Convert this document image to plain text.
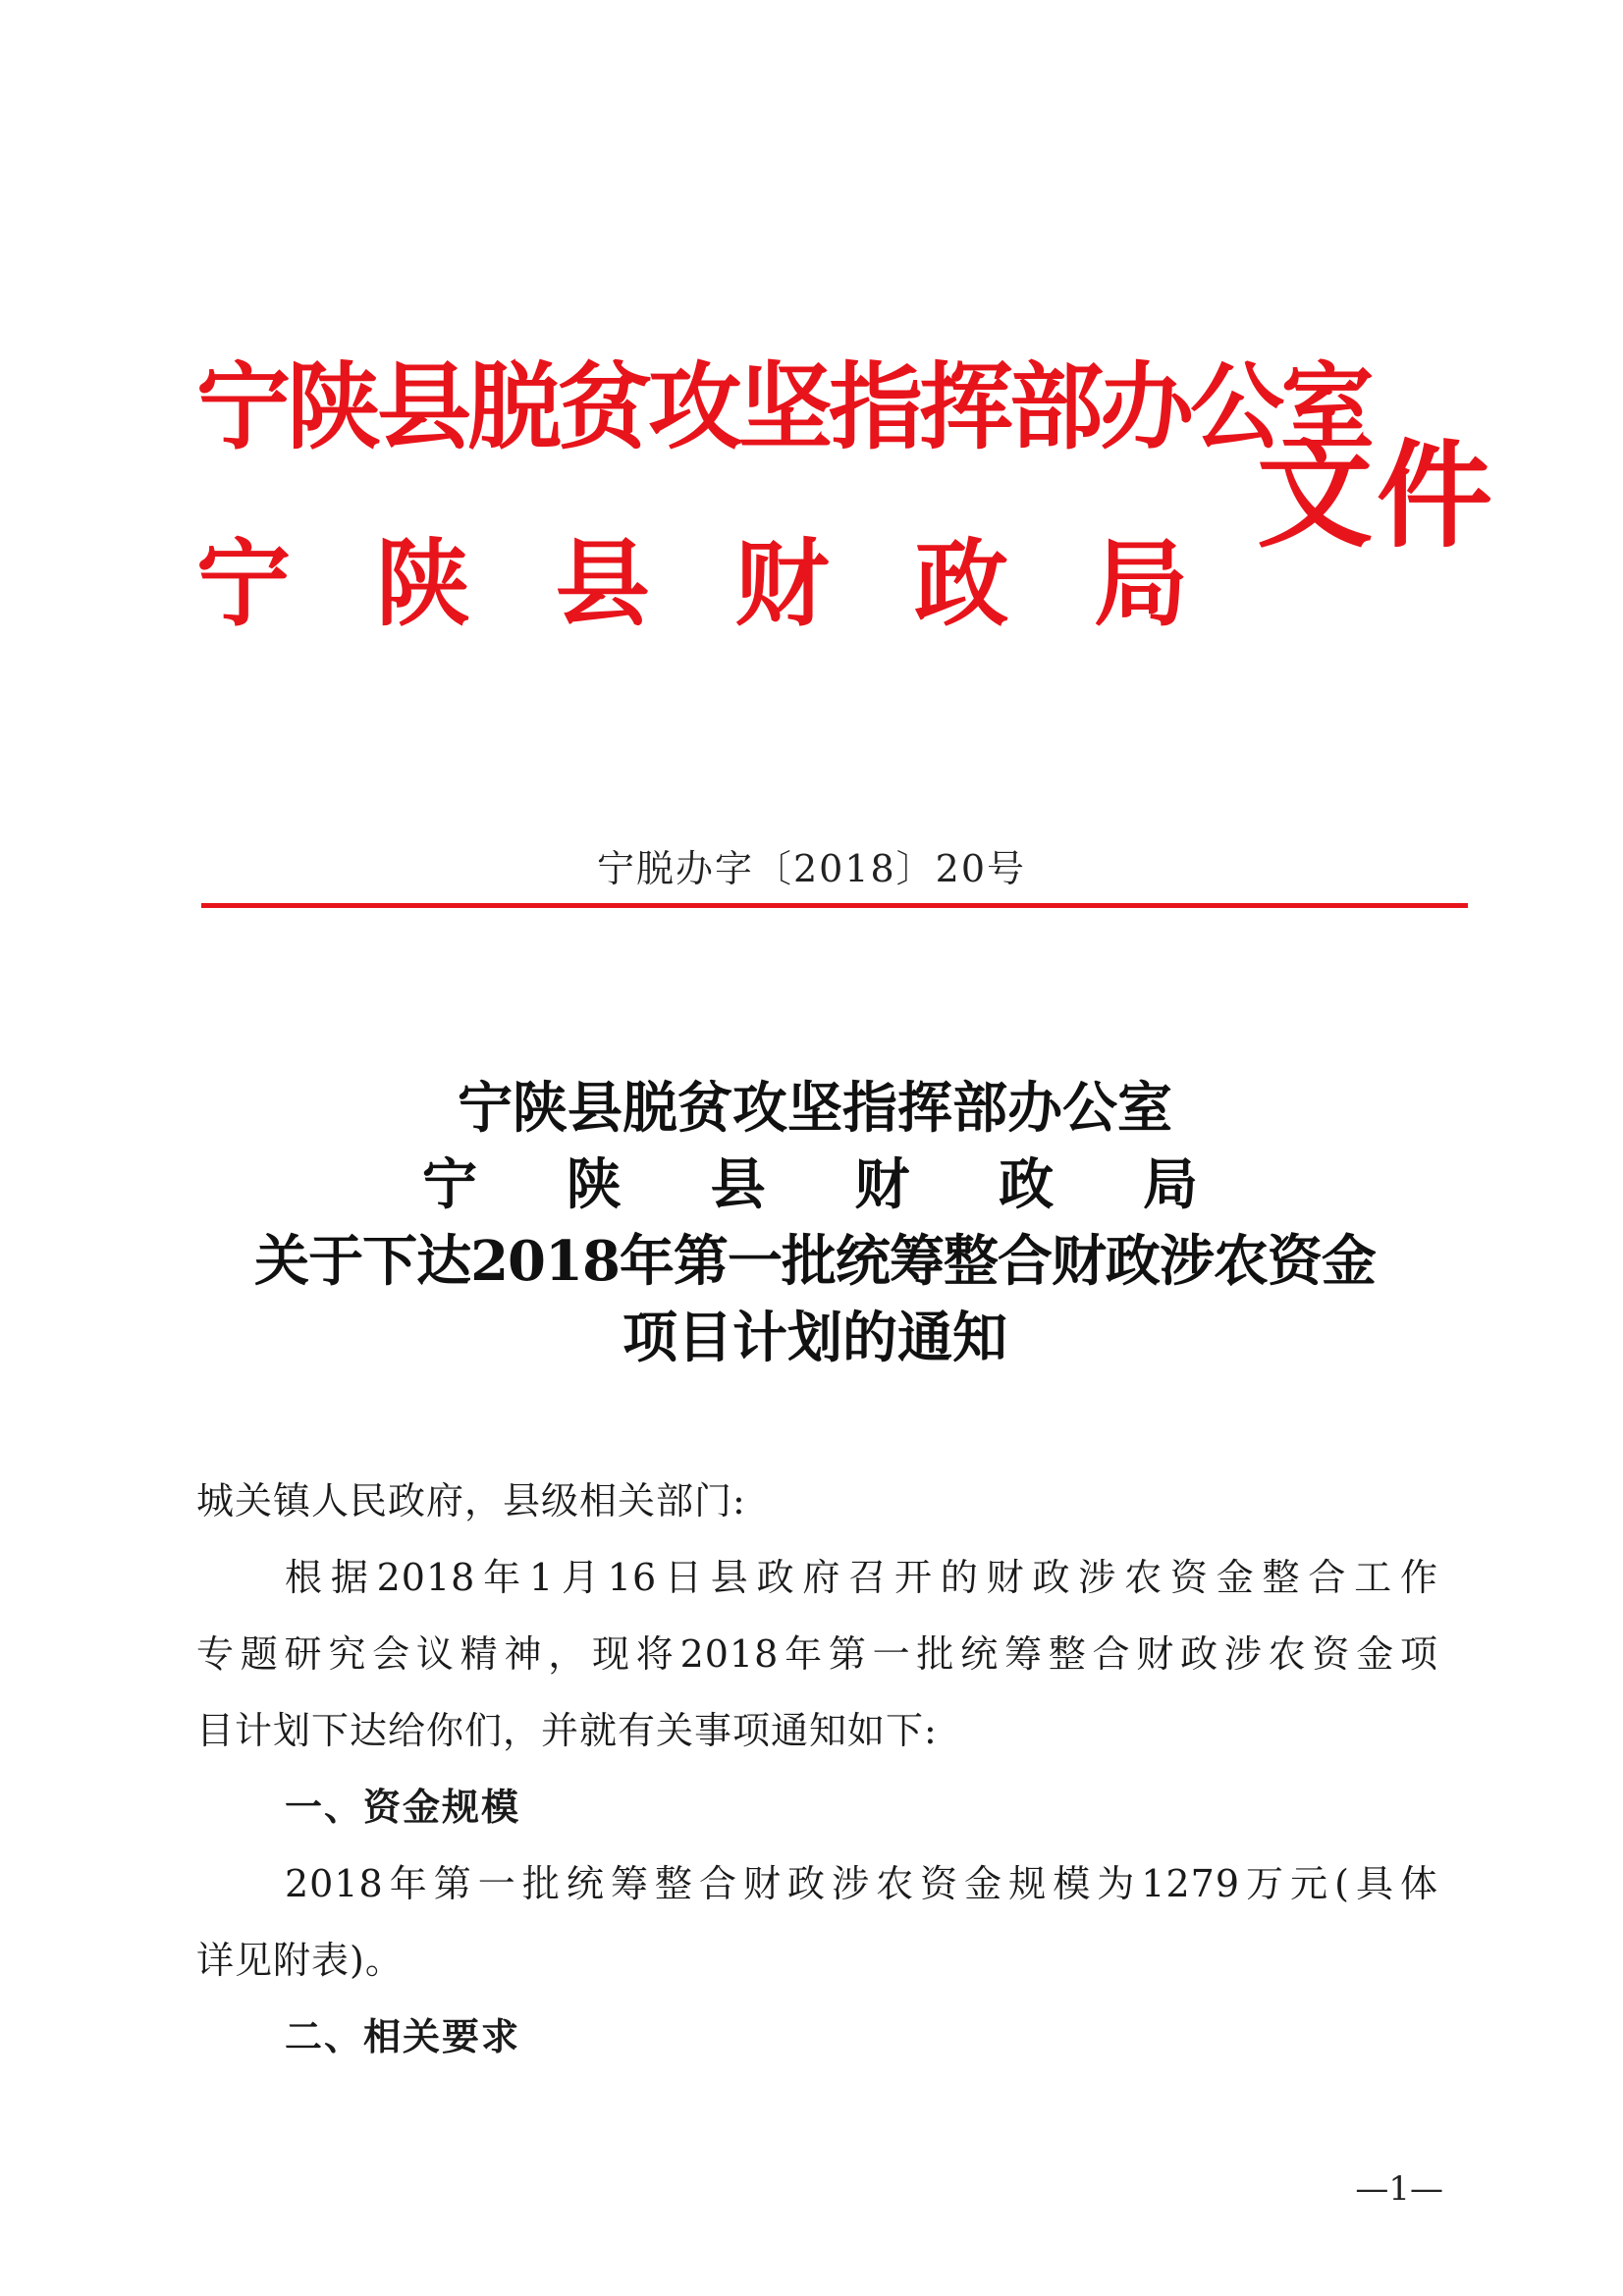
宁陕县脱贫攻坚指挥部办公室
宁 陕 县 财 政 局
文件
宁脱办字〔2018〕20号
宁陕县脱贫攻坚指挥部办公室
宁 陕 县 财 政 局
关于下达2018年第一批统筹整合财政涉农资金
项目计划的通知
城关镇人民政府，县级相关部门:
根据2018年1月16日县政府召开的财政涉农资金整合工作
专题研究会议精神，现将2018年第一批统筹整合财政涉农资金项
目计划下达给你们，并就有关事项通知如下:
一、资金规模
2018年第一批统筹整合财政涉农资金规模为1279万元(具体
详见附表)。
二、相关要求
—1—
